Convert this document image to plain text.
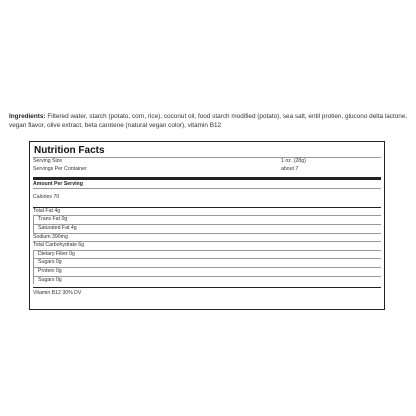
Ingredients: Filtered water, starch (potato, corn, rice), coconut oil, food starch modified (potato), sea salt, entil protien, glucono delta lactone, vegan flavor, olive extract, beta carotene (natural vegan color), vitamin B12
Nutrition Facts
Serving Size	1 oz. (28g)
Servings Per Container	about 7
Amount Per Serving
Calories 70
Total Fat 4g
Trans Fat 0g
Saturated Fat 4g
Sodium 390mg
Total Carbohydrate 6g
Dietary Fiber 0g
Sugars 0g
Protein 0g
Sugars 0g
Vitamin B12 30% DV
